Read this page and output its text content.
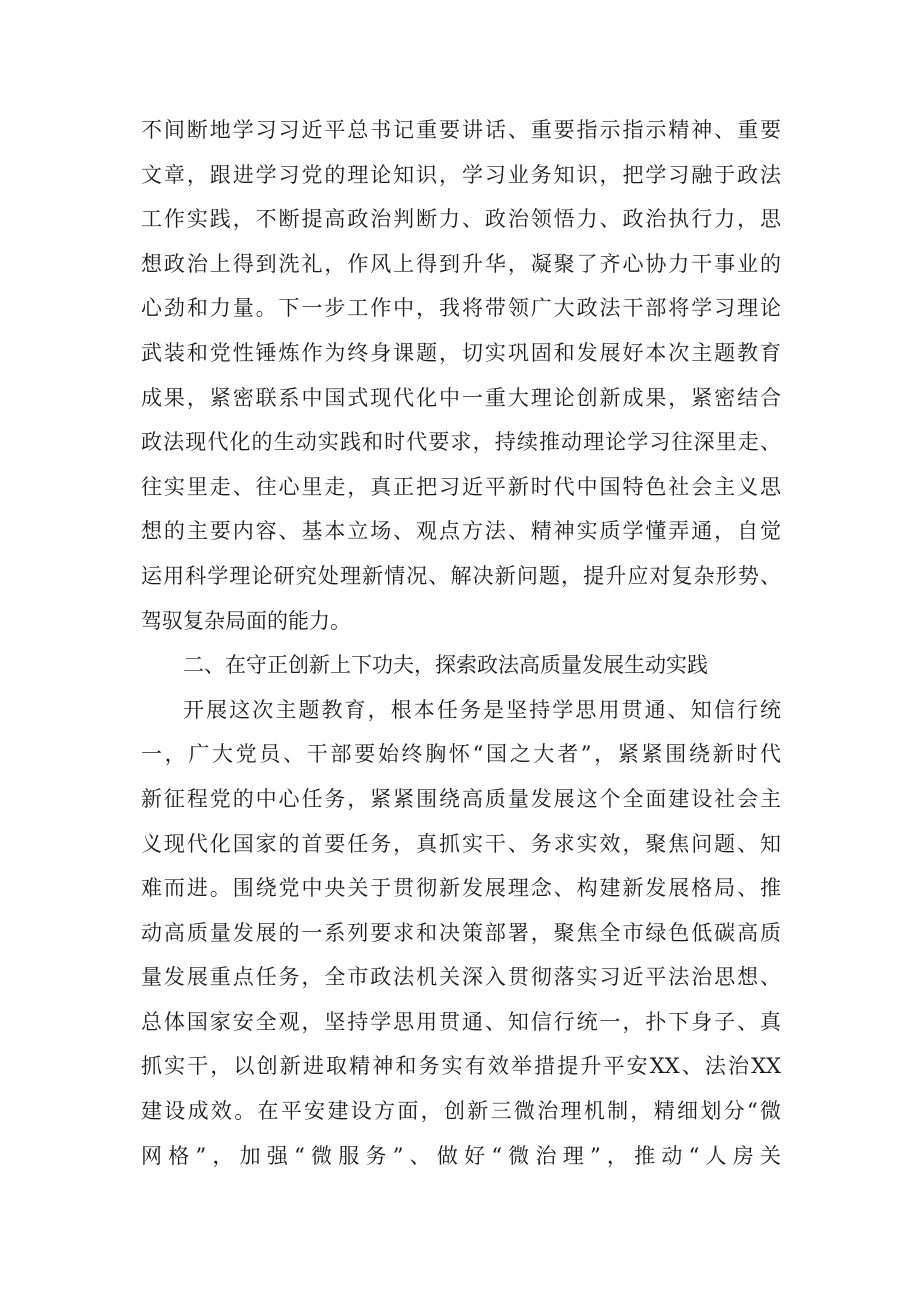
不间断地学习习近平总书记重要讲话、重要指示指示精神、重要
文章，跟进学习党的理论知识，学习业务知识，把学习融于政法
工作实践，不断提高政治判断力、政治领悟力、政治执行力，思
想政治上得到洗礼，作风上得到升华，凝聚了齐心协力干事业的
心劲和力量。下一步工作中，我将带领广大政法干部将学习理论
武装和党性锤炼作为终身课题，切实巩固和发展好本次主题教育
成果，紧密联系中国式现代化中一重大理论创新成果，紧密结合
政法现代化的生动实践和时代要求，持续推动理论学习往深里走、
往实里走、往心里走，真正把习近平新时代中国特色社会主义思
想的主要内容、基本立场、观点方法、精神实质学懂弄通，自觉
运用科学理论研究处理新情况、解决新问题，提升应对复杂形势、
驾驭复杂局面的能力。
二、在守正创新上下功夫，探索政法高质量发展生动实践
开展这次主题教育，根本任务是坚持学思用贯通、知信行统
一，广大党员、干部要始终胸怀“国之大者”，紧紧围绕新时代
新征程党的中心任务，紧紧围绕高质量发展这个全面建设社会主
义现代化国家的首要任务，真抓实干、务求实效，聚焦问题、知
难而进。围绕党中央关于贯彻新发展理念、构建新发展格局、推
动高质量发展的一系列要求和决策部署，聚焦全市绿色低碳高质
量发展重点任务，全市政法机关深入贯彻落实习近平法治思想、
总体国家安全观，坚持学思用贯通、知信行统一，扑下身子、真
抓实干，以创新进取精神和务实有效举措提升平安XX、法治XX
建设成效。在平安建设方面，创新三微治理机制，精细划分“微
网格”，加强“微服务”、做好“微治理”，推动“人房关
